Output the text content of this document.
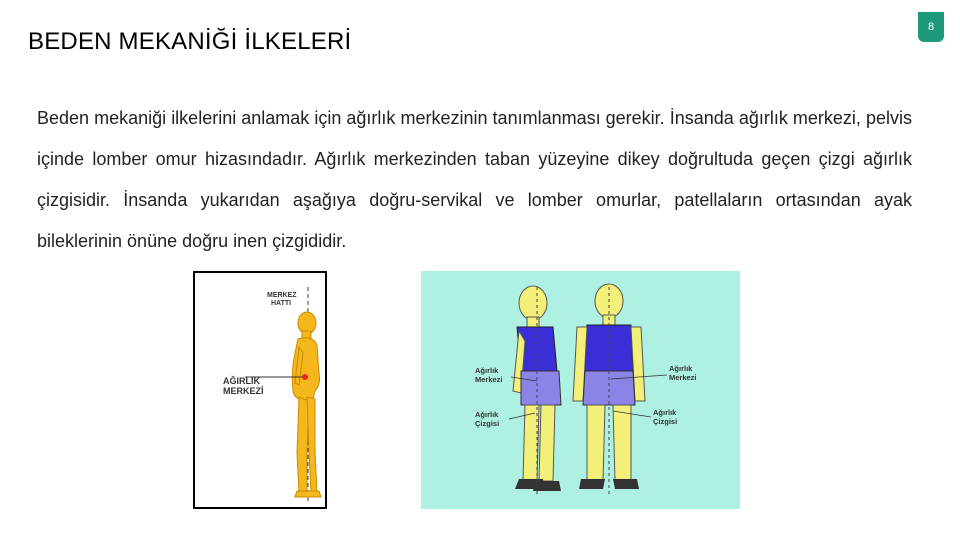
BEDEN MEKANİĞİ İLKELERİ
8
Beden mekaniği ilkelerini anlamak için ağırlık merkezinin tanımlanması gerekir. İnsanda ağırlık merkezi, pelvis içinde lomber omur hizasındadır. Ağırlık merkezinden taban yüzeyine dikey doğrultuda geçen çizgi ağırlık çizgisidir. İnsanda yukarıdan aşağıya doğru-servikal ve lomber omurlar, patellaların ortasından ayak bileklerinin önüne doğru inen çizgididir.
MERKEZ
HATTI
AĞIRLIK
MERKEZİ
Ağırlık
Merkezi
Ağırlık
Çizgisi
Ağırlık
Merkezi
Ağırlık
Çizgisi
